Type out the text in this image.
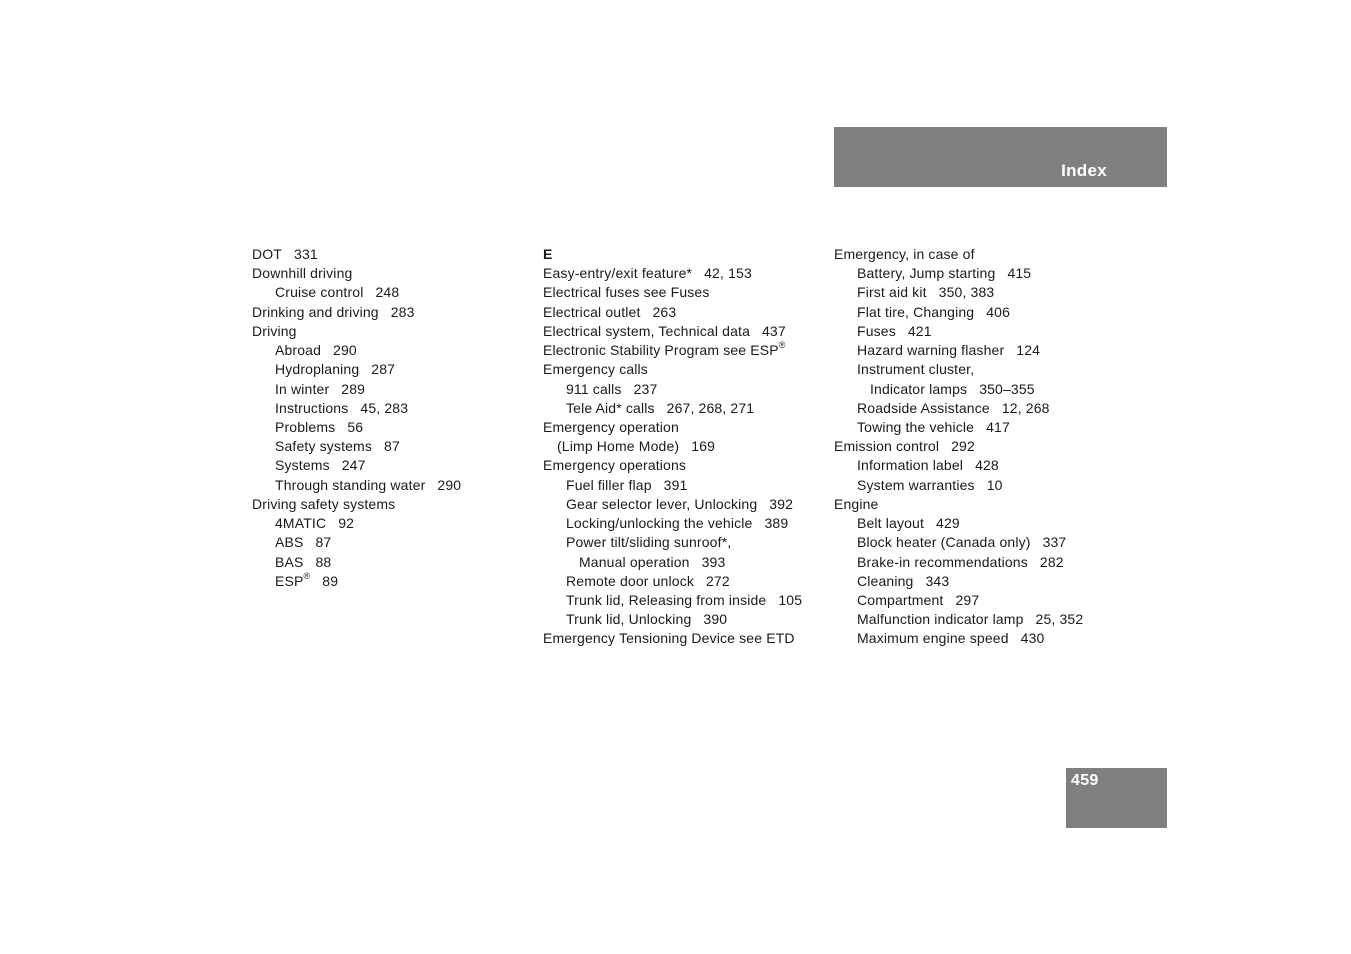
Index
DOT 331
Downhill driving
Cruise control 248
Drinking and driving 283
Driving
Abroad 290
Hydroplaning 287
In winter 289
Instructions 45, 283
Problems 56
Safety systems 87
Systems 247
Through standing water 290
Driving safety systems
4MATIC 92
ABS 87
BAS 88
ESP® 89
E
Easy-entry/exit feature* 42, 153
Electrical fuses see Fuses
Electrical outlet 263
Electrical system, Technical data 437
Electronic Stability Program see ESP®
Emergency calls
911 calls 237
Tele Aid* calls 267, 268, 271
Emergency operation
(Limp Home Mode) 169
Emergency operations
Fuel filler flap 391
Gear selector lever, Unlocking 392
Locking/unlocking the vehicle 389
Power tilt/sliding sunroof*,
Manual operation 393
Remote door unlock 272
Trunk lid, Releasing from inside 105
Trunk lid, Unlocking 390
Emergency Tensioning Device see ETD
Emergency, in case of
Battery, Jump starting 415
First aid kit 350, 383
Flat tire, Changing 406
Fuses 421
Hazard warning flasher 124
Instrument cluster,
Indicator lamps 350–355
Roadside Assistance 12, 268
Towing the vehicle 417
Emission control 292
Information label 428
System warranties 10
Engine
Belt layout 429
Block heater (Canada only) 337
Brake-in recommendations 282
Cleaning 343
Compartment 297
Malfunction indicator lamp 25, 352
Maximum engine speed 430
459
